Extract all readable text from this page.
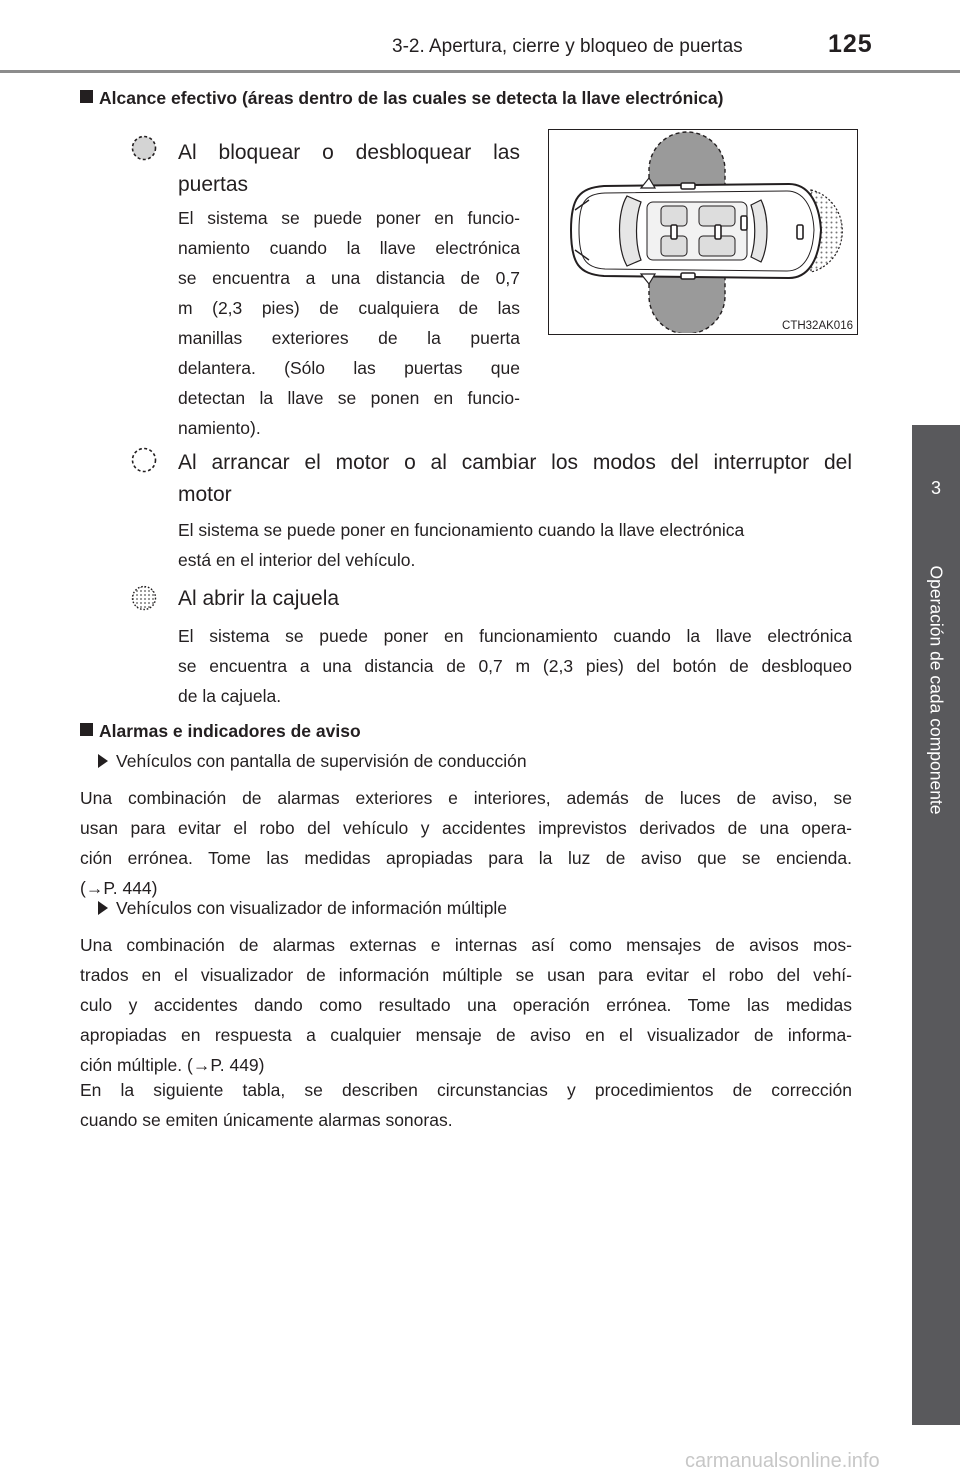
3-2. Apertura, cierre y bloqueo de puertas	125
3
Operación de cada componente
Alcance efectivo (áreas dentro de las cuales se detecta la llave electrónica)
Al bloquear o desbloquear las
puertas
El sistema se puede poner en funcio-
namiento cuando la llave electrónica
se encuentra a una distancia de 0,7
m (2,3 pies) de cualquiera de las
manillas exteriores de la puerta
delantera. (Sólo las puertas que
detectan la llave se ponen en funcio-
namiento).
CTH32AK016
Al arrancar el motor o al cambiar los modos del interruptor del
motor
El sistema se puede poner en funcionamiento cuando la llave electrónica
está en el interior del vehículo.
Al abrir la cajuela
El sistema se puede poner en funcionamiento cuando la llave electrónica
se encuentra a una distancia de 0,7 m (2,3 pies) del botón de desbloqueo
de la cajuela.
Alarmas e indicadores de aviso
Vehículos con pantalla de supervisión de conducción
Una combinación de alarmas exteriores e interiores, además de luces de aviso, se
usan para evitar el robo del vehículo y accidentes imprevistos derivados de una opera-
ción errónea. Tome las medidas apropiadas para la luz de aviso que se encienda.
(→P. 444)
Vehículos con visualizador de información múltiple
Una combinación de alarmas externas e internas así como mensajes de avisos mos-
trados en el visualizador de información múltiple se usan para evitar el robo del vehí-
culo y accidentes dando como resultado una operación errónea. Tome las medidas
apropiadas en respuesta a cualquier mensaje de aviso en el visualizador de informa-
ción múltiple. (→P. 449)
En la siguiente tabla, se describen circunstancias y procedimientos de corrección
cuando se emiten únicamente alarmas sonoras.
carmanualsonline.info
